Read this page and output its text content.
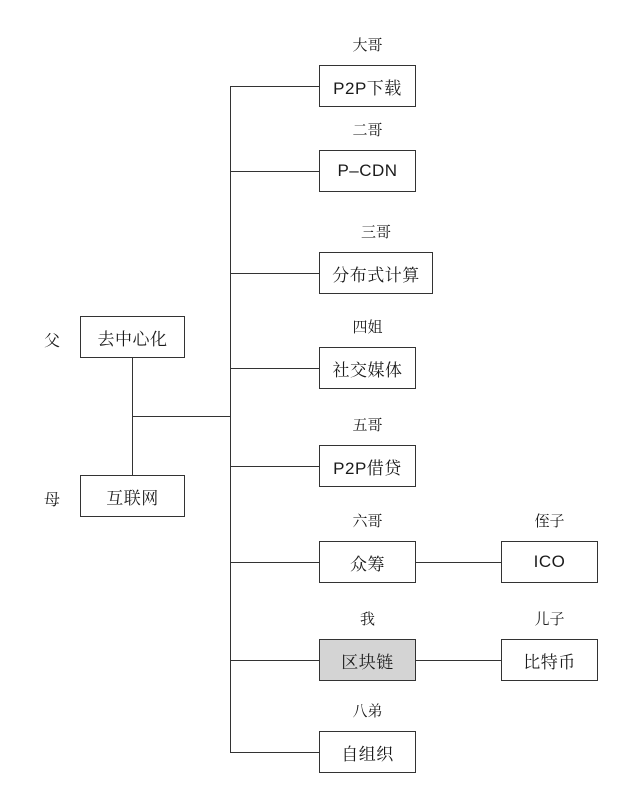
父
母
去中心化
互联网
大哥
二哥
三哥
四姐
五哥
六哥
我
八弟
P2P下载
P–CDN
分布式计算
社交媒体
P2P借贷
众筹
区块链
自组织
侄子
儿子
ICO
比特币
